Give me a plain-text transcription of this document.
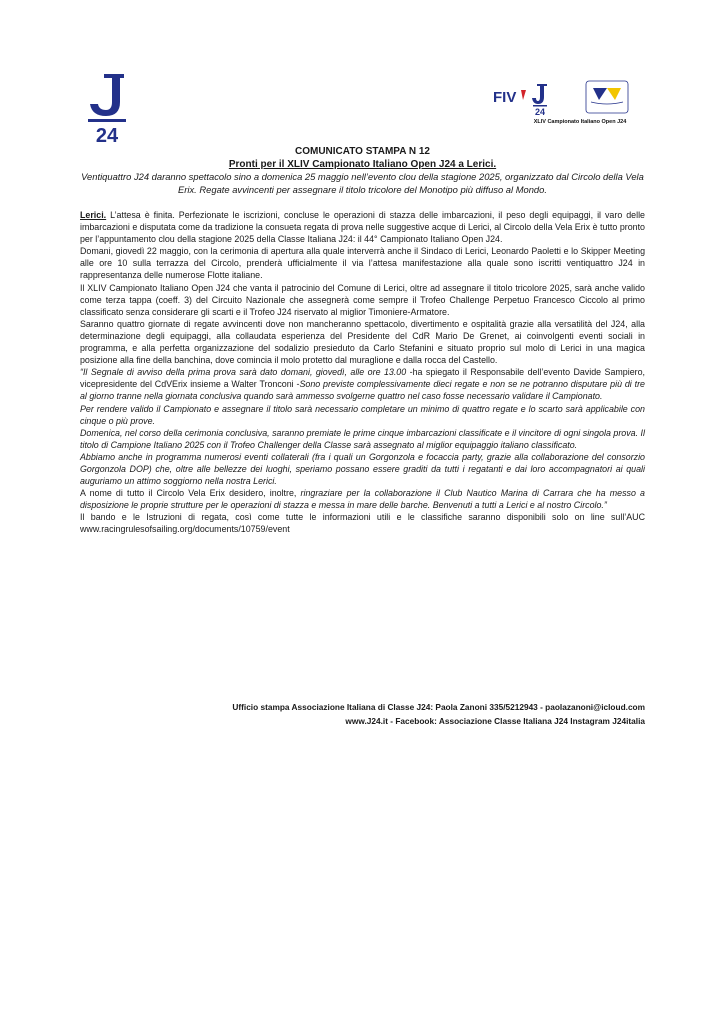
24
FIV
24
XLIV Campionato Italiano Open J24

COMUNICATO STAMPA N 12

Pronti per il XLIV Campionato Italiano Open J24 a Lerici.

Ventiquattro J24 daranno spettacolo sino a domenica 25 maggio nell’evento clou della stagione 2025, organizzato dal Circolo della Vela Erix. Regate avvincenti per assegnare il titolo tricolore del Monotipo più diffuso al Mondo.

Lerici. L’attesa è finita. Perfezionate le iscrizioni, concluse le operazioni di stazza delle imbarcazioni, il peso degli equipaggi, il varo delle imbarcazioni e disputata come da tradizione la consueta regata di prova nelle suggestive acque di Lerici, al Circolo della Vela Erix è tutto pronto per l’appuntamento clou della stagione 2025 della Classe Italiana J24: il 44° Campionato Italiano Open J24.

Domani, giovedì 22 maggio, con la cerimonia di apertura alla quale interverrà anche il Sindaco di Lerici, Leonardo Paoletti e lo Skipper Meeting alle ore 10 sulla terrazza del Circolo, prenderà ufficialmente il via l’attesa manifestazione alla quale sono iscritti ventiquattro J24 in rappresentanza delle numerose Flotte italiane.

Il XLIV Campionato Italiano Open J24 che vanta il patrocinio del Comune di Lerici, oltre ad assegnare il titolo tricolore 2025, sarà anche valido come terza tappa (coeff. 3) del Circuito Nazionale che assegnerà come sempre il Trofeo Challenge Perpetuo Francesco Ciccolo al primo classificato senza considerare gli scarti e il Trofeo J24 riservato al miglior Timoniere-Armatore.

Saranno quattro giornate di regate avvincenti dove non mancheranno spettacolo, divertimento e ospitalità grazie alla versatilità del J24, alla determinazione degli equipaggi, alla collaudata esperienza del Presidente del CdR Mario De Grenet, ai coinvolgenti eventi sociali in programma, e alla perfetta organizzazione del sodalizio presieduto da Carlo Stefanini e situato proprio sul molo di Lerici in una magica posizione alla fine della banchina, dove comincia il molo protetto dal muraglione e dalla rocca del Castello.

“Il Segnale di avviso della prima prova sarà dato domani, giovedì, alle ore 13.00 -ha spiegato il Responsabile dell’evento Davide Sampiero, vicepresidente del CdVErix insieme a Walter Tronconi -Sono previste complessivamente dieci regate e non se ne potranno disputare più di tre al giorno tranne nella giornata conclusiva quando sarà ammesso svolgerne quattro nel caso fosse necessario validare il Campionato.

Per rendere valido il Campionato e assegnare il titolo sarà necessario completare un minimo di quattro regate e lo scarto sarà applicabile con cinque o più prove.

Domenica, nel corso della cerimonia conclusiva, saranno premiate le prime cinque imbarcazioni classificate e il vincitore di ogni singola prova. Il titolo di Campione Italiano 2025 con il Trofeo Challenger della Classe sarà assegnato al miglior equipaggio italiano classificato.

Abbiamo anche in programma numerosi eventi collaterali (fra i quali un Gorgonzola e focaccia party, grazie alla collaborazione del consorzio Gorgonzola DOP) che, oltre alle bellezze dei luoghi, speriamo possano essere graditi da tutti i regatanti e dai loro accompagnatori ai quali auguriamo un attimo soggiorno nella nostra Lerici.

A nome di tutto il Circolo Vela Erix desidero, inoltre, ringraziare per la collaborazione il Club Nautico Marina di Carrara che ha messo a disposizione le proprie strutture per le operazioni di stazza e messa in mare delle barche. Benvenuti a tutti a Lerici e al nostro Circolo.”

Il bando e le Istruzioni di regata, così come tutte le informazioni utili e le classifiche saranno disponibili solo on line sull’AUC www.racingrulesofsailing.org/documents/10759/event

Ufficio stampa Associazione Italiana di Classe J24: Paola Zanoni 335/5212943 - paolazanoni@icloud.com

www.J24.it - Facebook: Associazione Classe Italiana J24 Instagram J24italia
